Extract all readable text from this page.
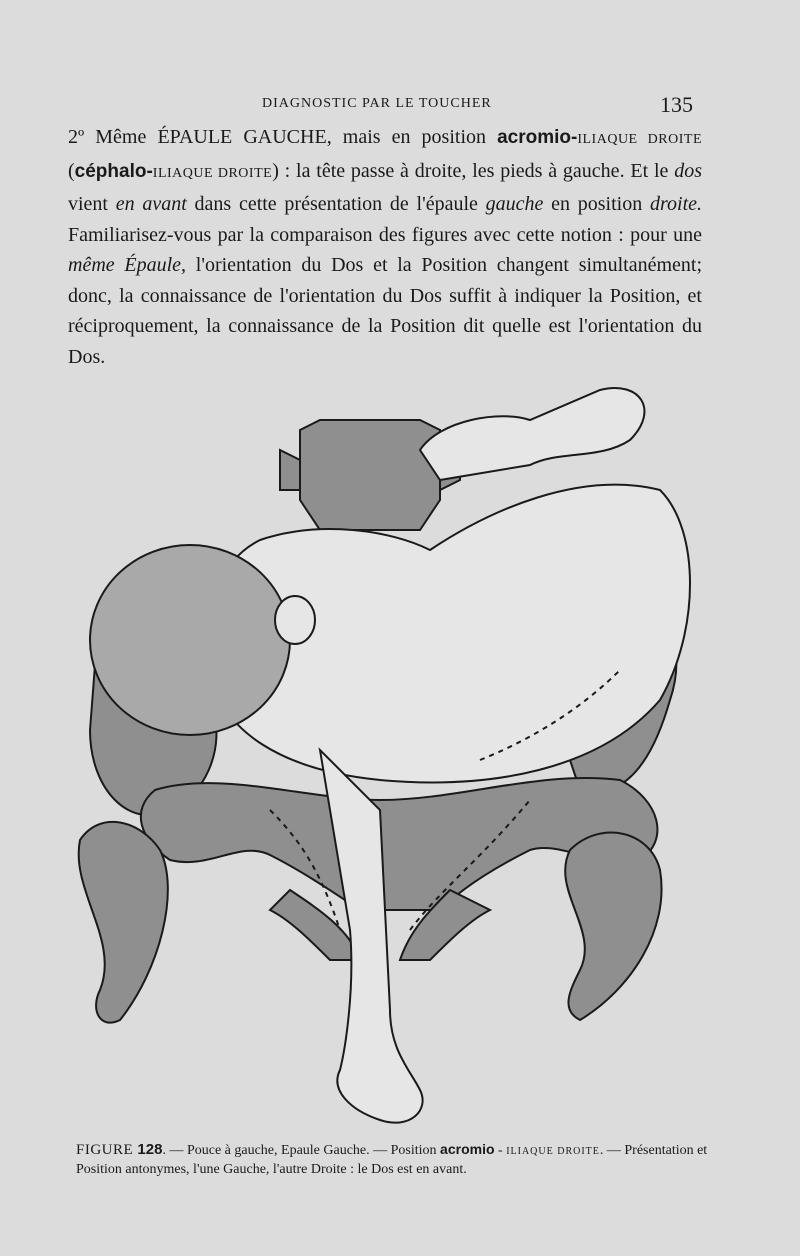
DIAGNOSTIC PAR LE TOUCHER	135
2º Même ÉPAULE GAUCHE, mais en position acromio-ILIAQUE DROITE (céphalo-ILIAQUE DROITE) : la tête passe à droite, les pieds à gauche. Et le dos vient en avant dans cette présentation de l'épaule gauche en position droite. Familiarisez-vous par la comparaison des figures avec cette notion : pour une même Épaule, l'orientation du Dos et la Position changent simultanément; donc, la connaissance de l'orientation du Dos suffit à indiquer la Position, et réciproquement, la connaissance de la Position dit quelle est l'orientation du Dos.
FIGURE 128. — Pouce à gauche, Epaule Gauche. — Position acromio - ILIAQUE DROITE. — Présentation et Position antonymes, l'une Gauche, l'autre Droite : le Dos est en avant.
